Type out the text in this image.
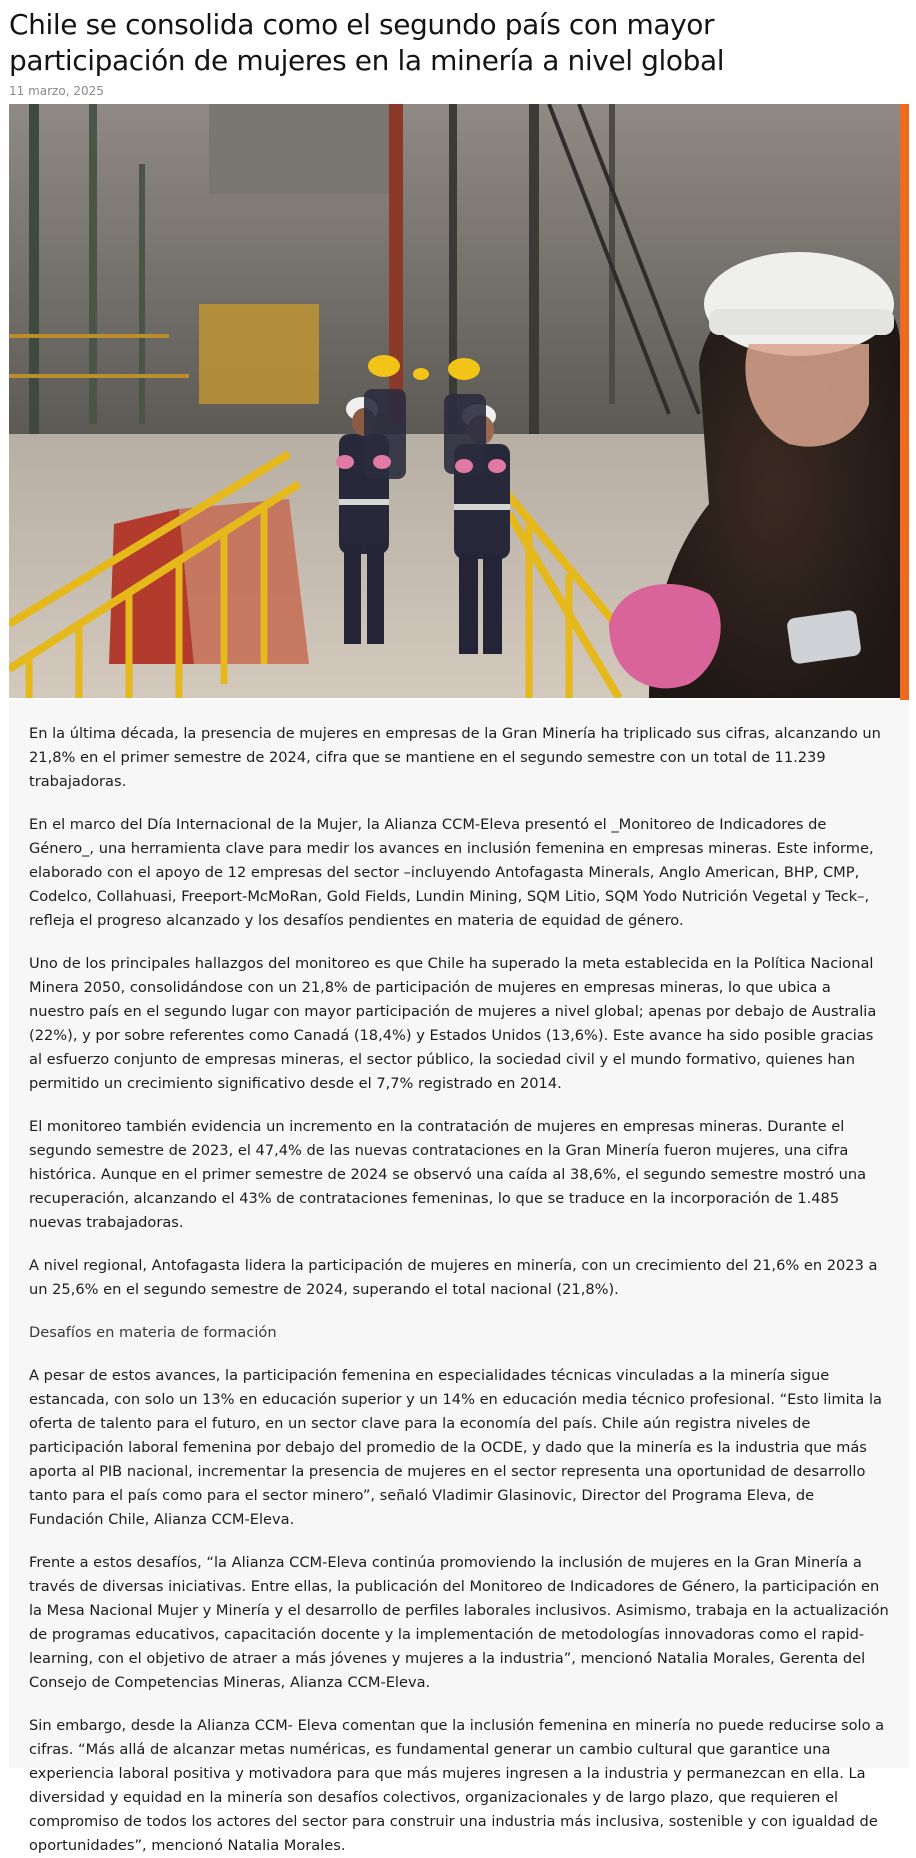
Chile se consolida como el segundo país con mayor participación de mujeres en la minería a nivel global
11 marzo, 2025

En la última década, la presencia de mujeres en empresas de la Gran Minería ha triplicado sus cifras, alcanzando un 21,8% en el primer semestre de 2024, cifra que se mantiene en el segundo semestre con un total de 11.239 trabajadoras.

En el marco del Día Internacional de la Mujer, la Alianza CCM-Eleva presentó el _Monitoreo de Indicadores de Género_, una herramienta clave para medir los avances en inclusión femenina en empresas mineras. Este informe, elaborado con el apoyo de 12 empresas del sector –incluyendo Antofagasta Minerals, Anglo American, BHP, CMP, Codelco, Collahuasi, Freeport-McMoRan, Gold Fields, Lundin Mining, SQM Litio, SQM Yodo Nutrición Vegetal y Teck–, refleja el progreso alcanzado y los desafíos pendientes en materia de equidad de género.

Uno de los principales hallazgos del monitoreo es que Chile ha superado la meta establecida en la Política Nacional Minera 2050, consolidándose con un 21,8% de participación de mujeres en empresas mineras, lo que ubica a nuestro país en el segundo lugar con mayor participación de mujeres a nivel global; apenas por debajo de Australia (22%), y por sobre referentes como Canadá (18,4%) y Estados Unidos (13,6%). Este avance ha sido posible gracias al esfuerzo conjunto de empresas mineras, el sector público, la sociedad civil y el mundo formativo, quienes han permitido un crecimiento significativo desde el 7,7% registrado en 2014.

El monitoreo también evidencia un incremento en la contratación de mujeres en empresas mineras. Durante el segundo semestre de 2023, el 47,4% de las nuevas contrataciones en la Gran Minería fueron mujeres, una cifra histórica. Aunque en el primer semestre de 2024 se observó una caída al 38,6%, el segundo semestre mostró una recuperación, alcanzando el 43% de contrataciones femeninas, lo que se traduce en la incorporación de 1.485 nuevas trabajadoras.

A nivel regional, Antofagasta lidera la participación de mujeres en minería, con un crecimiento del 21,6% en 2023 a un 25,6% en el segundo semestre de 2024, superando el total nacional (21,8%).

Desafíos en materia de formación

A pesar de estos avances, la participación femenina en especialidades técnicas vinculadas a la minería sigue estancada, con solo un 13% en educación superior y un 14% en educación media técnico profesional. “Esto limita la oferta de talento para el futuro, en un sector clave para la economía del país. Chile aún registra niveles de participación laboral femenina por debajo del promedio de la OCDE, y dado que la minería es la industria que más aporta al PIB nacional, incrementar la presencia de mujeres en el sector representa una oportunidad de desarrollo tanto para el país como para el sector minero”, señaló Vladimir Glasinovic, Director del Programa Eleva, de Fundación Chile, Alianza CCM-Eleva.

Frente a estos desafíos, “la Alianza CCM-Eleva continúa promoviendo la inclusión de mujeres en la Gran Minería a través de diversas iniciativas. Entre ellas, la publicación del Monitoreo de Indicadores de Género, la participación en la Mesa Nacional Mujer y Minería y el desarrollo de perfiles laborales inclusivos. Asimismo, trabaja en la actualización de programas educativos, capacitación docente y la implementación de metodologías innovadoras como el rapid-learning, con el objetivo de atraer a más jóvenes y mujeres a la industria”, mencionó Natalia Morales, Gerenta del Consejo de Competencias Mineras, Alianza CCM-Eleva.

Sin embargo, desde la Alianza CCM- Eleva comentan que la inclusión femenina en minería no puede reducirse solo a cifras. “Más allá de alcanzar metas numéricas, es fundamental generar un cambio cultural que garantice una experiencia laboral positiva y motivadora para que más mujeres ingresen a la industria y permanezcan en ella. La diversidad y equidad en la minería son desafíos colectivos, organizacionales y de largo plazo, que requieren el compromiso de todos los actores del sector para construir una industria más inclusiva, sostenible y con igualdad de oportunidades”, mencionó Natalia Morales.
